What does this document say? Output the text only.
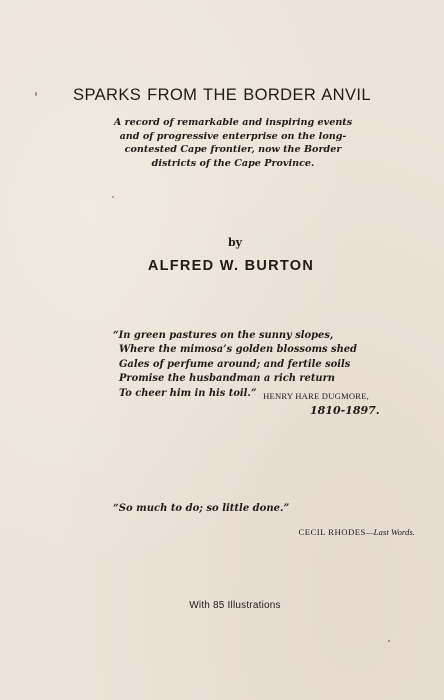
SPARKS FROM THE BORDER ANVIL
A record of remarkable and inspiring events
and of progressive enterprise on the long-
contested Cape frontier, now the Border
districts of the Cape Province.
by
ALFRED W. BURTON
“In green pastures on the sunny slopes,
Where the mimosa’s golden blossoms shed
Gales of perfume around; and fertile soils
Promise the husbandman a rich return
To cheer him in his toil.” HENRY HARE DUGMORE,
1810-1897.
“So much to do; so little done.”
CECIL RHODES—Last Words.
With 85 Illustrations
